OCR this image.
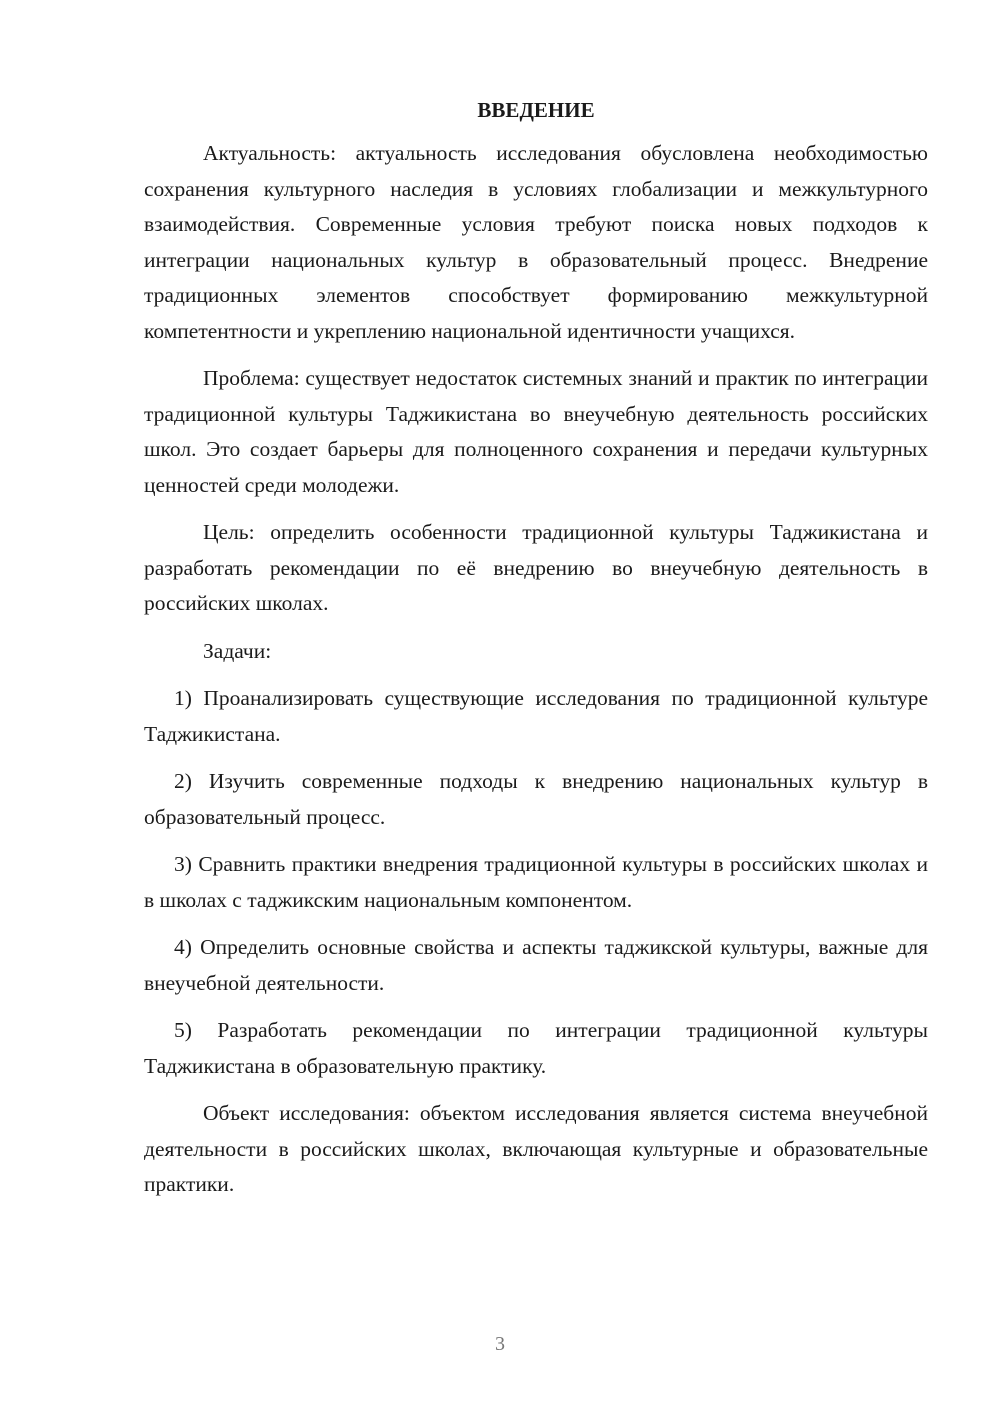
ВВЕДЕНИЕ

Актуальность: актуальность исследования обусловлена необходимостью сохранения культурного наследия в условиях глобализации и межкультурного взаимодействия. Современные условия требуют поиска новых подходов к интеграции национальных культур в образовательный процесс. Внедрение традиционных элементов способствует формированию межкультурной компетентности и укреплению национальной идентичности учащихся.

Проблема: существует недостаток системных знаний и практик по интеграции традиционной культуры Таджикистана во внеучебную деятельность российских школ. Это создает барьеры для полноценного сохранения и передачи культурных ценностей среди молодежи.

Цель: определить особенности традиционной культуры Таджикистана и разработать рекомендации по её внедрению во внеучебную деятельность в российских школах.

Задачи:

1) Проанализировать существующие исследования по традиционной культуре Таджикистана.

2) Изучить современные подходы к внедрению национальных культур в образовательный процесс.

3) Сравнить практики внедрения традиционной культуры в российских школах и в школах с таджикским национальным компонентом.

4) Определить основные свойства и аспекты таджикской культуры, важные для внеучебной деятельности.

5) Разработать рекомендации по интеграции традиционной культуры Таджикистана в образовательную практику.

Объект исследования: объектом исследования является система внеучебной деятельности в российских школах, включающая культурные и образовательные практики.

3
